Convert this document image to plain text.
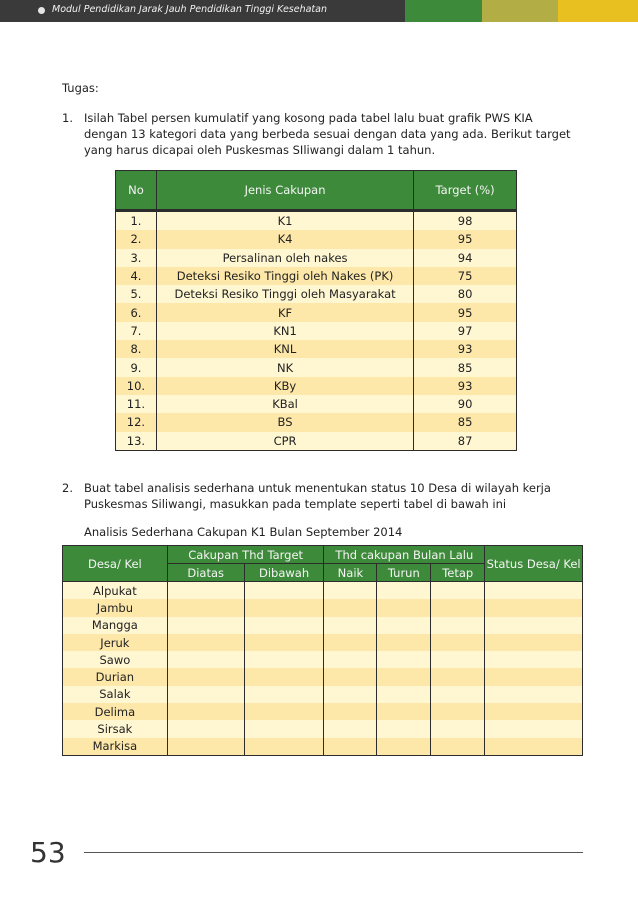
Modul Pendidikan Jarak Jauh Pendidikan Tinggi Kesehatan
Tugas:
1. Isilah Tabel persen kumulatif yang kosong pada tabel lalu buat grafik PWS KIA
dengan 13 kategori data yang berbeda sesuai dengan data yang ada. Berikut target
yang harus dicapai oleh Puskesmas SIliwangi dalam 1 tahun.
No	Jenis Cakupan	Target (%)

1.	K1	98
2.	K4	95
3.	Persalinan oleh nakes	94
4.	Deteksi Resiko Tinggi oleh Nakes (PK)	75
5.	Deteksi Resiko Tinggi oleh Masyarakat	80
6.	KF	95
7.	KN1	97
8.	KNL	93
9.	NK	85
10.	KBy	93
11.	KBal	90
12.	BS	85
13.	CPR	87
2. Buat tabel analisis sederhana untuk menentukan status 10 Desa di wilayah kerja
Puskesmas Siliwangi, masukkan pada template seperti tabel di bawah ini
Analisis Sederhana Cakupan K1 Bulan September 2014
Desa/ Kel	Cakupan Thd Target		Thd cakupan Bulan Lalu			Status Desa/ Kel
	Diatas	Dibawah	Naik	Turun	Tetap	
Alpukat						
Jambu						
Mangga						
Jeruk						
Sawo						
Durian						
Salak						
Delima						
Sirsak						
Markisa						
53
